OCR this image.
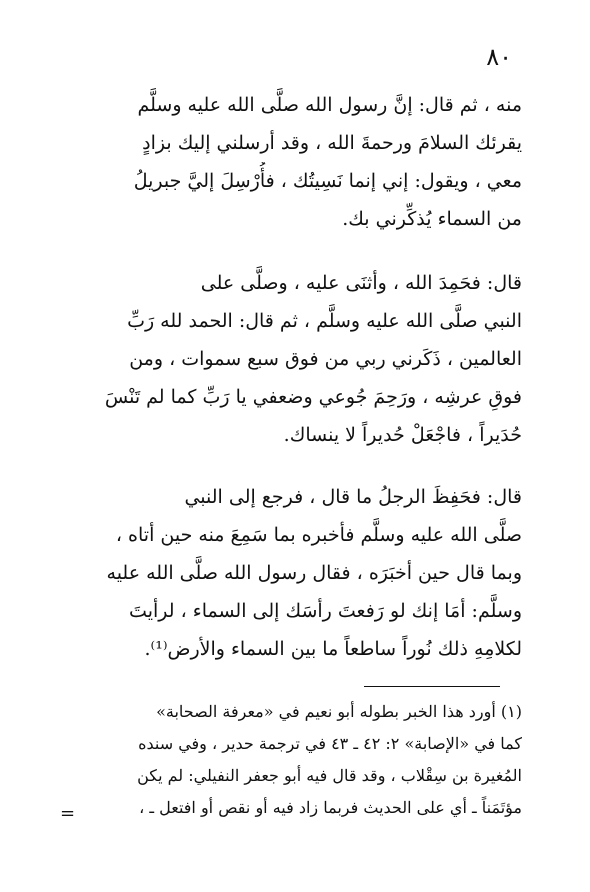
٨٠
منه ، ثم قال: إنَّ رسول الله صلَّى الله عليه وسلَّم
يقرئك السلامَ ورحمةَ الله ، وقد أرسلني إليك بزادٍ
معي ، ويقول: إني إنما نَسِيتُك ، فأُرْسِلَ إليَّ جبريلُ
من السماء يُذكِّرني بك.
قال: فحَمِدَ الله ، وأثنَى عليه ، وصلَّى على
النبي صلَّى الله عليه وسلَّم ، ثم قال: الحمد لله رَبِّ
العالمين ، ذَكَرني ربي من فوق سبع سموات ، ومن
فوقِ عرشِه ، ورَحِمَ جُوعي وضعفي يا رَبِّ كما لم تَنْسَ
حُدَيراً ، فاجْعَلْ حُديراً لا ينساك.
قال: فحَفِظَ الرجلُ ما قال ، فرجع إلى النبي
صلَّى الله عليه وسلَّم فأخبره بما سَمِعَ منه حين أتاه ،
وبما قال حين أخبَرَه ، فقال رسول الله صلَّى الله عليه
وسلَّم: أمَا إنك لو رَفعتَ رأسَك إلى السماء ، لرأيتَ
لكلامِهِ ذلك نُوراً ساطعاً ما بين السماء والأرض⁽¹⁾.
(١) أورد هذا الخبر بطوله أبو نعيم في «معرفة الصحابة»
كما في «الإصابة» ٢: ٤٢ ـ ٤٣ في ترجمة حدير ، وفي سنده
المُغيرة بن سِقْلاب ، وقد قال فيه أبو جعفر النفيلي: لم يكن
مؤتَمَناً ـ أي على الحديث فربما زاد فيه أو نقص أو افتعل ـ ،
=
